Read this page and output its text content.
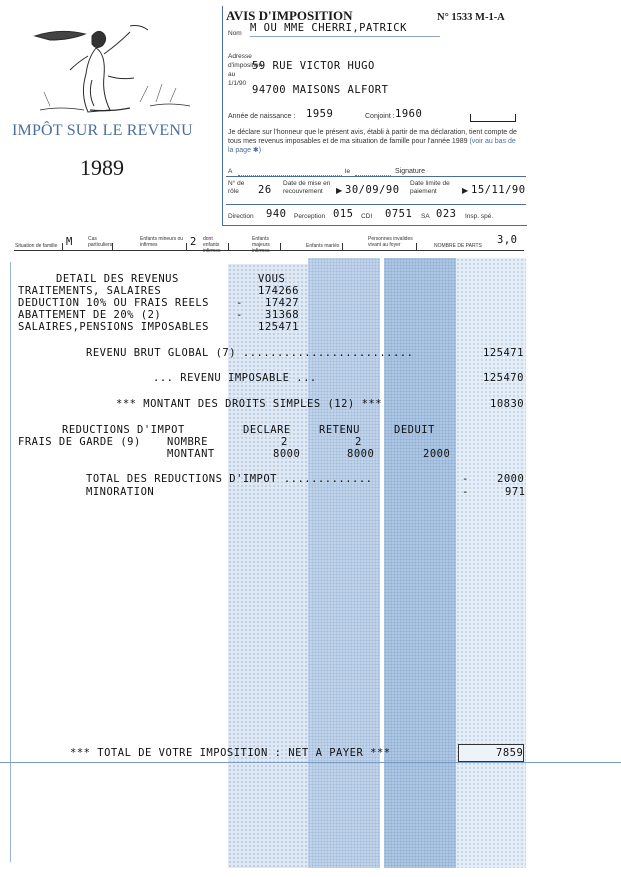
IMPÔT SUR LE REVENU
1989
AVIS D'IMPOSITION	N° 1533 M-1-A
Nom M OU MME CHERRI,PATRICK
Adresse d'imposition au 1/1/90
59 RUE VICTOR HUGO
94700 MAISONS ALFORT
Année de naissance : 1959	Conjoint : 1960
Je déclare sur l'honneur que le présent avis, établi à partir de ma déclaration, tient compte de tous mes revenus imposables et de ma situation de famille pour l'année 1989 (voir au bas de la page ✱)
A	le	Signature
N° de rôle	26
Date de mise en recouvrement	▶ 30/09/90
Date limite de paiement	▶ 15/11/90
Direction 940 Perception 015 CDI 0751 SA 023 Insp. spé.
Situation de famille M	Cas particuliers
Enfants mineurs ou infirmes	2 dont enfants infirmes
Enfants majeurs infirmes
Enfants mariés
Personnes invalides vivant au foyer	NOMBRE DE PARTS 3,0
DETAIL DES REVENUS	VOUS
TRAITEMENTS, SALAIRES	174266
DEDUCTION 10% OU FRAIS REELS	- 17427
ABATTEMENT DE 20% (2)	- 31368
SALAIRES,PENSIONS IMPOSABLES	125471
REVENU BRUT GLOBAL (7) .........................	125471
... REVENU IMPOSABLE ...	125470
*** MONTANT DES DROITS SIMPLES (12) ***	10830
REDUCTIONS D'IMPOT	DECLARE	RETENU	DEDUIT
FRAIS DE GARDE (9) NOMBRE	2	2
MONTANT	8000	8000	2000
TOTAL DES REDUCTIONS D'IMPOT .............	-	2000
MINORATION	-	971
*** TOTAL DE VOTRE IMPOSITION : NET A PAYER ***	7859
